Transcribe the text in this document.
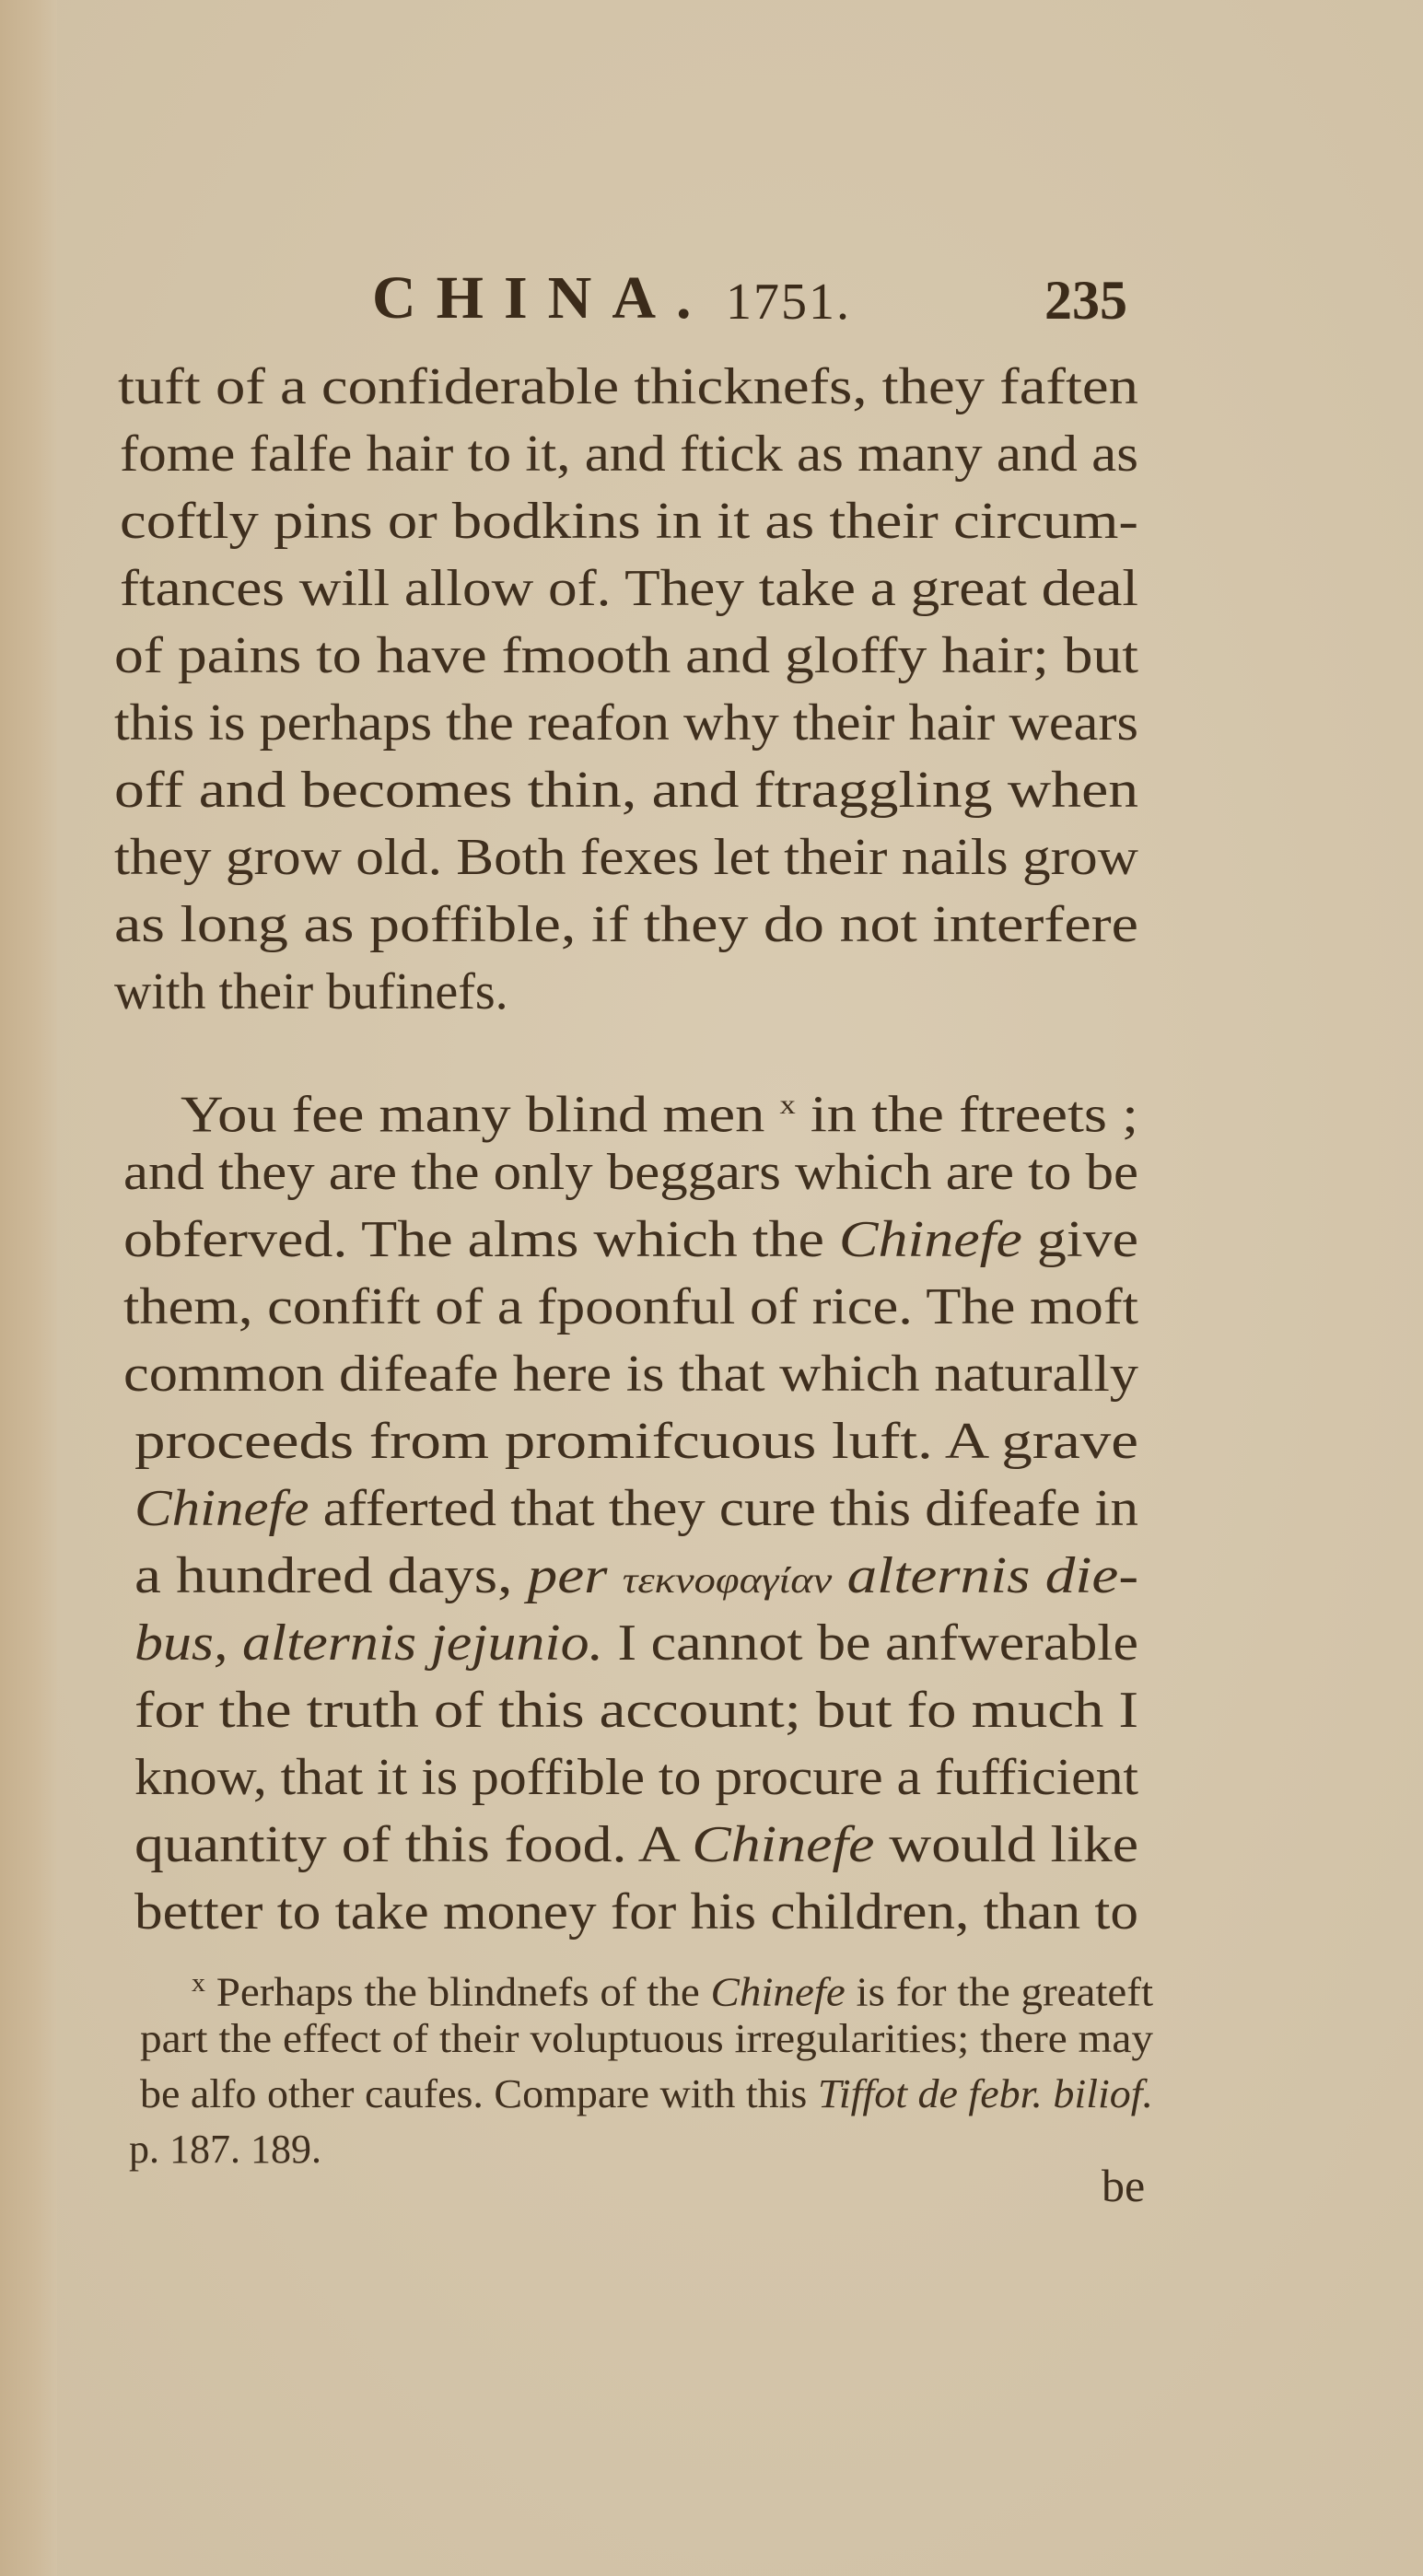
CHINA. 1751.	235
tuft of a confiderable thicknefs, they faften
fome falfe hair to it, and ftick as many and as
coftly pins or bodkins in it as their circum-
ftances will allow of. They take a great deal
of pains to have fmooth and gloffy hair; but
this is perhaps the reafon why their hair wears
off and becomes thin, and ftraggling when
they grow old. Both fexes let their nails grow
as long as poffible, if they do not interfere
with their bufinefs.
You fee many blind men $^x$ in the ftreets ;
and they are the only beggars which are to be
obferved. The alms which the Chinefe give
them, confift of a fpoonful of rice. The moft
common difeafe here is that which naturally
proceeds from promifcuous luft. A grave
Chinefe afferted that they cure this difeafe in
a hundred days, per τεκνοφαγίαν alternis die-
bus, alternis jejunio. I cannot be anfwerable
for the truth of this account; but fo much I
know, that it is poffible to procure a fufficient
quantity of this food. A Chinefe would like
better to take money for his children, than to
$^x$ Perhaps the blindnefs of the Chinefe is for the greateft
part the effect of their voluptuous irregularities; there may
be alfo other caufes. Compare with this Tiffot de febr. biliof.
p. 187. 189.
be
